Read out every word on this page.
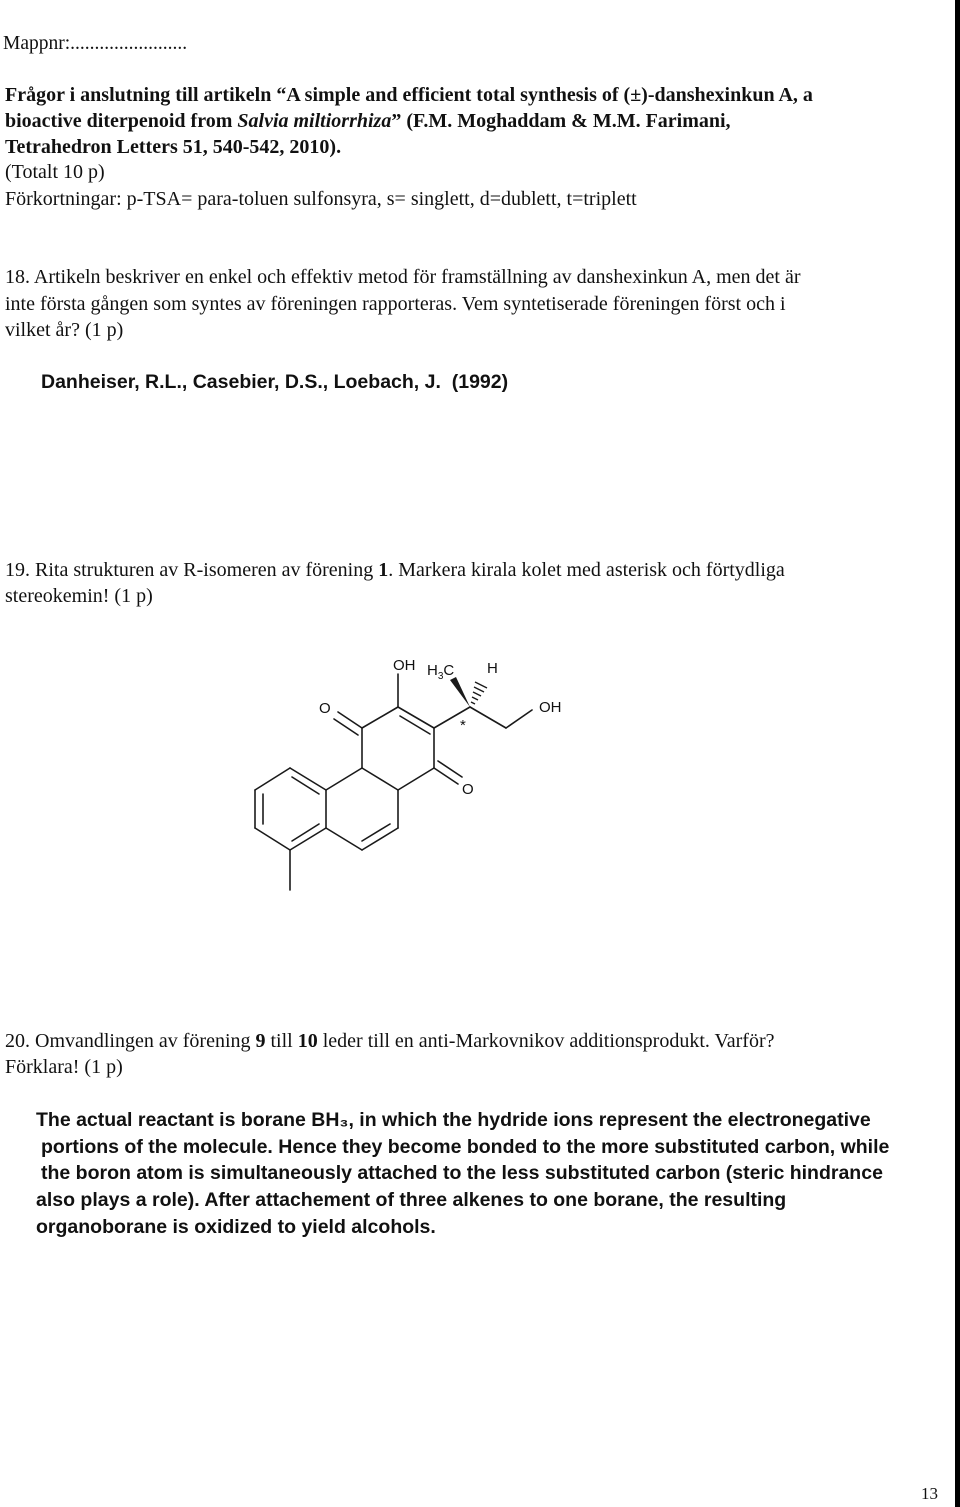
Mappnr:........................
Frågor i anslutning till artikeln “A simple and efficient total synthesis of (±)-danshexinkun A, a
bioactive diterpenoid from Salvia miltiorrhiza” (F.M. Moghaddam & M.M. Farimani,
Tetrahedron Letters 51, 540-542, 2010).
(Totalt 10 p)
Förkortningar: p-TSA= para-toluen sulfonsyra, s= singlett, d=dublett, t=triplett
18. Artikeln beskriver en enkel och effektiv metod för framställning av danshexinkun A, men det är
inte första gången som syntes av föreningen rapporteras. Vem syntetiserade föreningen först och i
vilket år? (1 p)
Danheiser, R.L., Casebier, D.S., Loebach, J. (1992)
19. Rita strukturen av R-isomeren av förening 1. Markera kirala kolet med asterisk och förtydliga
stereokemin! (1 p)
OH $H_3C$ H
O
*
OH
O
20. Omvandlingen av förening 9 till 10 leder till en anti-Markovnikov additionsprodukt. Varför?
Förklara! (1 p)
The actual reactant is borane BH₃, in which the hydride ions represent the electronegative
portions of the molecule. Hence they become bonded to the more substituted carbon, while
the boron atom is simultaneously attached to the less substituted carbon (steric hindrance
also plays a role). After attachement of three alkenes to one borane, the resulting
organoborane is oxidized to yield alcohols.
13
